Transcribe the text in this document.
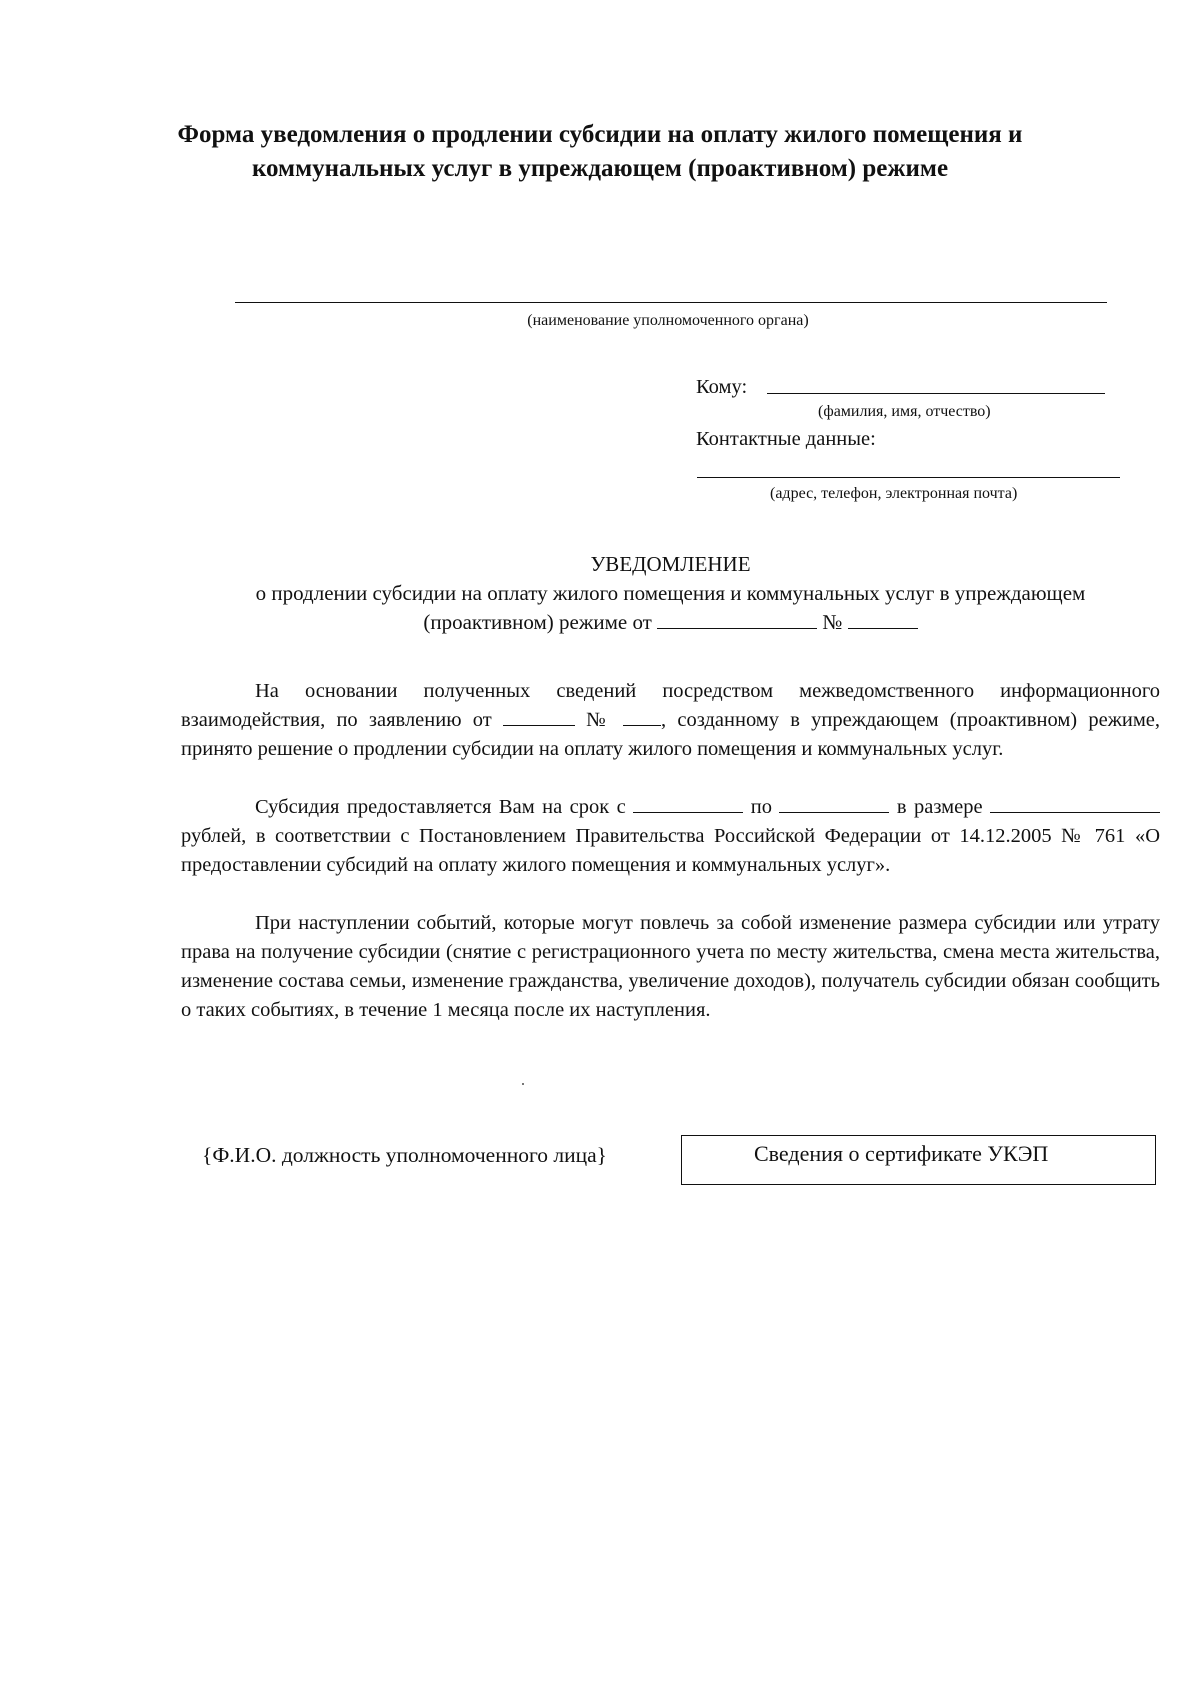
Форма уведомления о продлении субсидии на оплату жилого помещения и
коммунальных услуг в упреждающем (проактивном) режиме
(наименование уполномоченного органа)
Кому:
(фамилия, имя, отчество)
Контактные данные:
(адрес, телефон, электронная почта)
УВЕДОМЛЕНИЕ
о продлении субсидии на оплату жилого помещения и коммунальных услуг в упреждающем
(проактивном) режиме от	№
На основании полученных сведений посредством межведомственного информационного взаимодействия, по заявлению от	№ , созданному в упреждающем (проактивном) режиме, принято решение о продлении субсидии на оплату жилого помещения и коммунальных услуг.
Субсидия предоставляется Вам на срок с	по	в размере  рублей, в соответствии с Постановлением Правительства Российской Федерации от 14.12.2005 № 761 «О предоставлении субсидий на оплату жилого помещения и коммунальных услуг».
При наступлении событий, которые могут повлечь за собой изменение размера субсидии или утрату права на получение субсидии (снятие с регистрационного учета по месту жительства, смена места жительства, изменение состава семьи, изменение гражданства, увеличение доходов), получатель субсидии обязан сообщить о таких событиях, в течение 1 месяца после их наступления.
{Ф.И.О. должность уполномоченного лица}	Сведения о сертификате УКЭП
